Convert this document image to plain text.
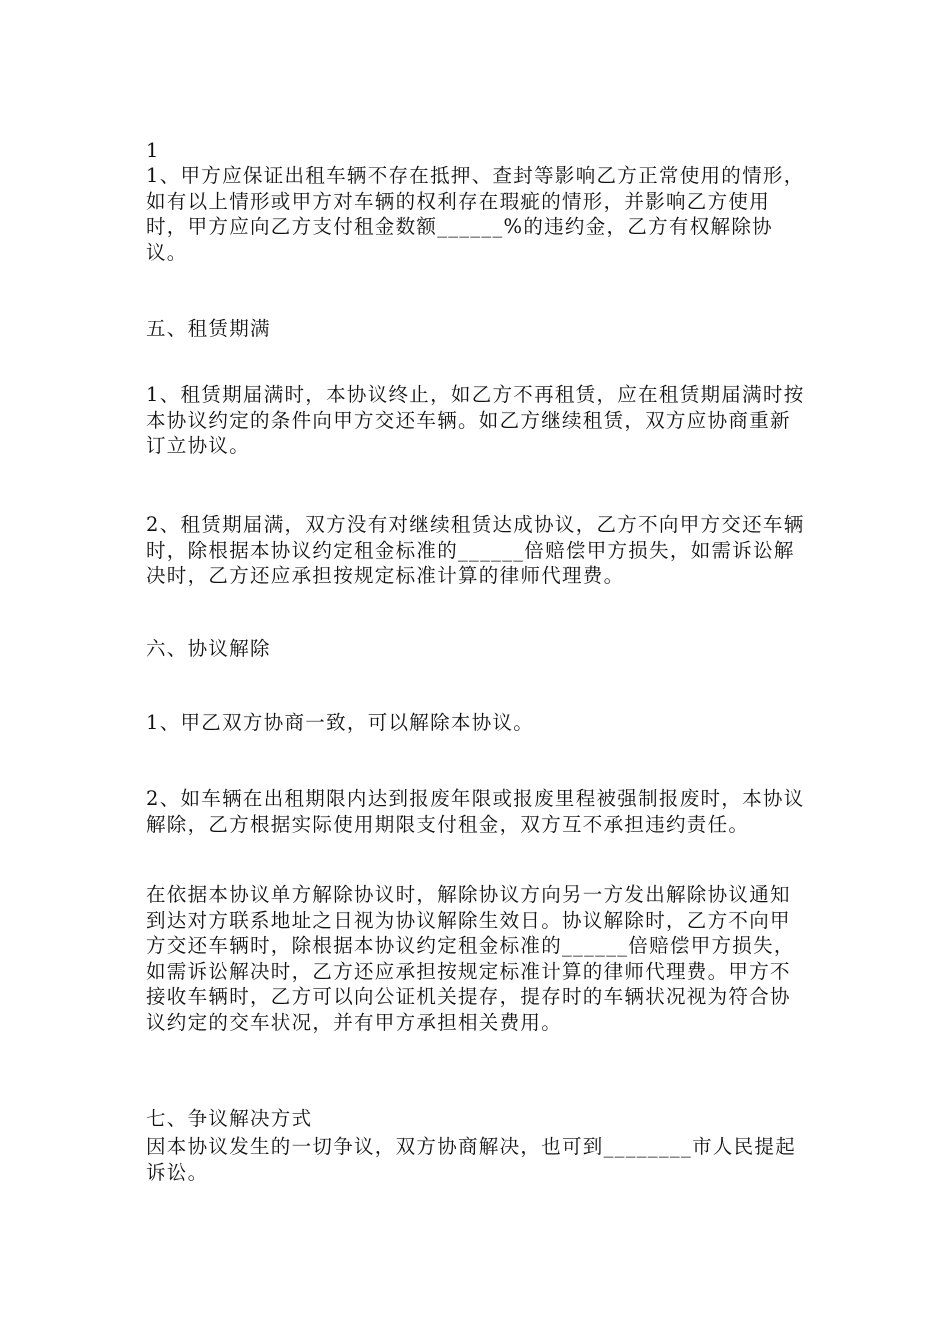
1
1、甲方应保证出租车辆不存在抵押、查封等影响乙方正常使用的情形，如有以上情形或甲方对车辆的权利存在瑕疵的情形，并影响乙方使用时，甲方应向乙方支付租金数额______%的违约金，乙方有权解除协议。
五、租赁期满
1、租赁期届满时，本协议终止，如乙方不再租赁，应在租赁期届满时按本协议约定的条件向甲方交还车辆。如乙方继续租赁，双方应协商重新订立协议。
2、租赁期届满，双方没有对继续租赁达成协议，乙方不向甲方交还车辆时，除根据本协议约定租金标准的______倍赔偿甲方损失，如需诉讼解决时，乙方还应承担按规定标准计算的律师代理费。
六、协议解除
1、甲乙双方协商一致，可以解除本协议。
2、如车辆在出租期限内达到报废年限或报废里程被强制报废时，本协议解除，乙方根据实际使用期限支付租金，双方互不承担违约责任。
在依据本协议单方解除协议时，解除协议方向另一方发出解除协议通知到达对方联系地址之日视为协议解除生效日。协议解除时，乙方不向甲方交还车辆时，除根据本协议约定租金标准的______倍赔偿甲方损失，如需诉讼解决时，乙方还应承担按规定标准计算的律师代理费。甲方不接收车辆时，乙方可以向公证机关提存，提存时的车辆状况视为符合协议约定的交车状况，并有甲方承担相关费用。
七、争议解决方式
因本协议发生的一切争议，双方协商解决，也可到________市人民提起诉讼。
